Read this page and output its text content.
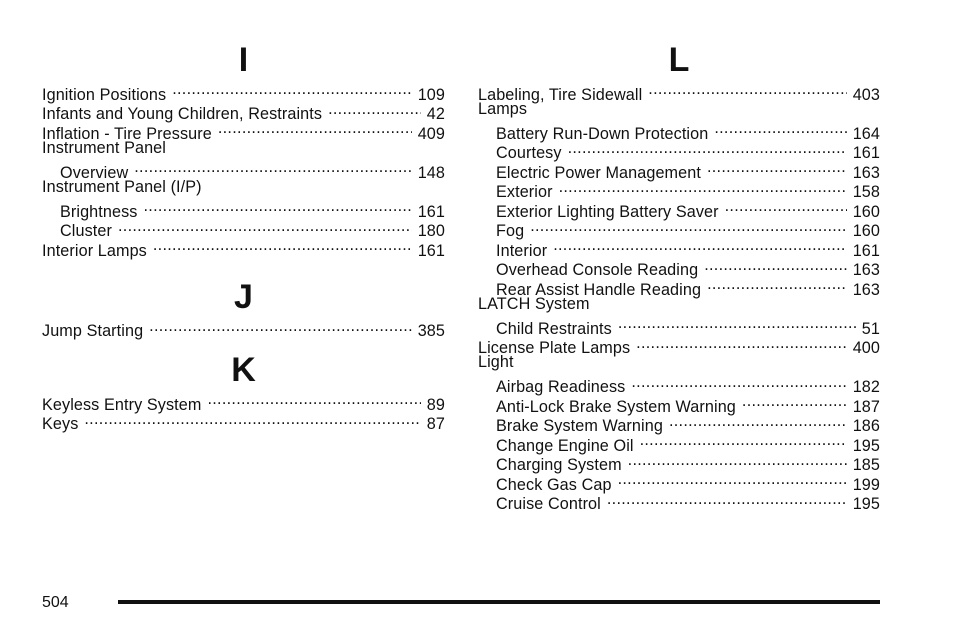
I
Ignition Positions . . .	109
Infants and Young Children, Restraints . . .	42
Inflation - Tire Pressure . . .	409
Instrument Panel
Overview . . .	148
Instrument Panel (I/P)
Brightness . . .	161
Cluster . . .	180
Interior Lamps . . .	161
J
Jump Starting . . .	385
K
Keyless Entry System . . .	89
Keys . . .	87
L
Labeling, Tire Sidewall . . .	403
Lamps
Battery Run-Down Protection . . .	164
Courtesy . . .	161
Electric Power Management . . .	163
Exterior . . .	158
Exterior Lighting Battery Saver . . .	160
Fog . . .	160
Interior . . .	161
Overhead Console Reading . . .	163
Rear Assist Handle Reading . . .	163
LATCH System
Child Restraints . . .	51
License Plate Lamps . . .	400
Light
Airbag Readiness . . .	182
Anti-Lock Brake System Warning . . .	187
Brake System Warning . . .	186
Change Engine Oil . . .	195
Charging System . . .	185
Check Gas Cap . . .	199
Cruise Control . . .	195
504
